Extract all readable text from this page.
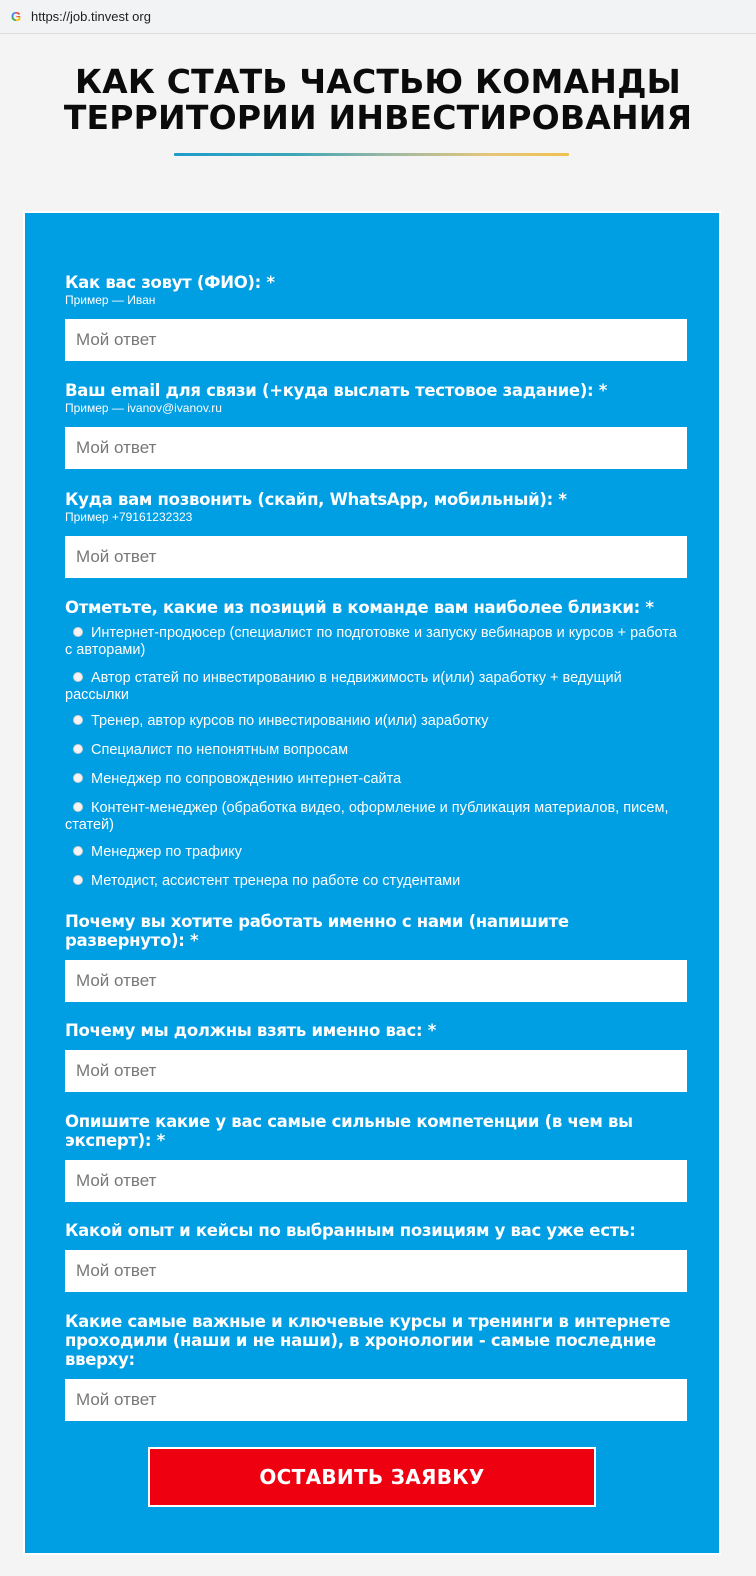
G https://job.tinvest org
КАК СТАТЬ ЧАСТЬЮ КОМАНДЫ
ТЕРРИТОРИИ ИНВЕСТИРОВАНИЯ
Как вас зовут (ФИО): *
Пример — Иван
Мой ответ
Ваш email для связи (+куда выслать тестовое задание): *
Пример — ivanov@ivanov.ru
Мой ответ
Куда вам позвонить (скайп, WhatsApp, мобильный): *
Пример +79161232323
Мой ответ
Отметьте, какие из позиций в команде вам наиболее близки: *
Интернет-продюсер (специалист по подготовке и запуску вебинаров и курсов + работа с авторами)
Автор статей по инвестированию в недвижимость и(или) заработку + ведущий рассылки
Тренер, автор курсов по инвестированию и(или) заработку
Специалист по непонятным вопросам
Менеджер по сопровождению интернет-сайта
Контент-менеджер (обработка видео, оформление и публикация материалов, писем, статей)
Менеджер по трафику
Методист, ассистент тренера по работе со студентами
Почему вы хотите работать именно с нами (напишите развернуто): *
Мой ответ
Почему мы должны взять именно вас: *
Мой ответ
Опишите какие у вас самые сильные компетенции (в чем вы эксперт): *
Мой ответ
Какой опыт и кейсы по выбранным позициям у вас уже есть:
Мой ответ
Какие самые важные и ключевые курсы и тренинги в интернете проходили (наши и не наши), в хронологии - самые последние вверху:
Мой ответ
ОСТАВИТЬ ЗАЯВКУ
